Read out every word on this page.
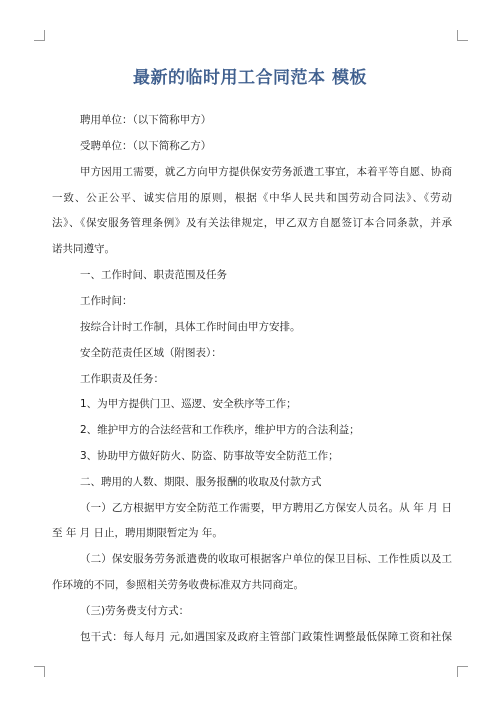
最新的临时用工合同范本 模板
聘用单位：（以下简称甲方）
受聘单位：（以下简称乙方）
甲方因用工需要，就乙方向甲方提供保安劳务派遣工事宜，本着平等自愿、协商
一致、公正公平、诚实信用的原则，根据《中华人民共和国劳动合同法》、《劳动
法》、《保安服务管理条例》及有关法律规定，甲乙双方自愿签订本合同条款，并承
诺共同遵守。
一、工作时间、职责范围及任务
工作时间：
按综合计时工作制，具体工作时间由甲方安排。
安全防范责任区域（附图表）：
工作职责及任务：
1、为甲方提供门卫、巡逻、安全秩序等工作；
2、维护甲方的合法经营和工作秩序，维护甲方的合法利益；
3、协助甲方做好防火、防盗、防事故等安全防范工作；
二、聘用的人数、期限、服务报酬的收取及付款方式
（一）乙方根据甲方安全防范工作需要，甲方聘用乙方保安人员名。从 年 月 日
至 年 月 日止，聘用期限暂定为 年。
（二）保安服务劳务派遣费的收取可根据客户单位的保卫目标、工作性质以及工
作环境的不同，参照相关劳务收费标准双方共同商定。
（三)劳务费支付方式：
包干式：每人每月 元,如遇国家及政府主管部门政策性调整最低保障工资和社保
